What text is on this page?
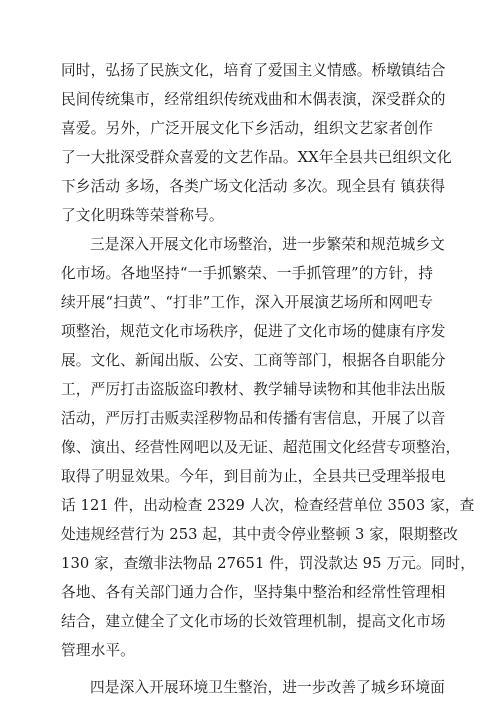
同时，弘扬了民族文化，培育了爱国主义情感。桥墩镇结合
民间传统集市，经常组织传统戏曲和木偶表演，深受群众的
喜爱。另外，广泛开展文化下乡活动，组织文艺家者创作
了一大批深受群众喜爱的文艺作品。XX年全县共已组织文化
下乡活动 多场，各类广场文化活动 多次。现全县有 镇获得
了文化明珠等荣誉称号。
三是深入开展文化市场整治，进一步繁荣和规范城乡文
化市场。各地坚持“一手抓繁荣、一手抓管理”的方针，持
续开展“扫黄”、“打非”工作，深入开展演艺场所和网吧专
项整治，规范文化市场秩序，促进了文化市场的健康有序发
展。文化、新闻出版、公安、工商等部门，根据各自职能分
工，严厉打击盗版盗印教材、教学辅导读物和其他非法出版
活动，严厉打击贩卖淫秽物品和传播有害信息，开展了以音
像、演出、经营性网吧以及无证、超范围文化经营专项整治，
取得了明显效果。今年，到目前为止，全县共已受理举报电
话 121 件，出动检查 2329 人次，检查经营单位 3503 家，查
处违规经营行为 253 起，其中责令停业整顿 3 家，限期整改
130 家，查缴非法物品 27651 件，罚没款达 95 万元。同时，
各地、各有关部门通力合作，坚持集中整治和经常性管理相
结合，建立健全了文化市场的长效管理机制，提高文化市场
管理水平。
四是深入开展环境卫生整治，进一步改善了城乡环境面
